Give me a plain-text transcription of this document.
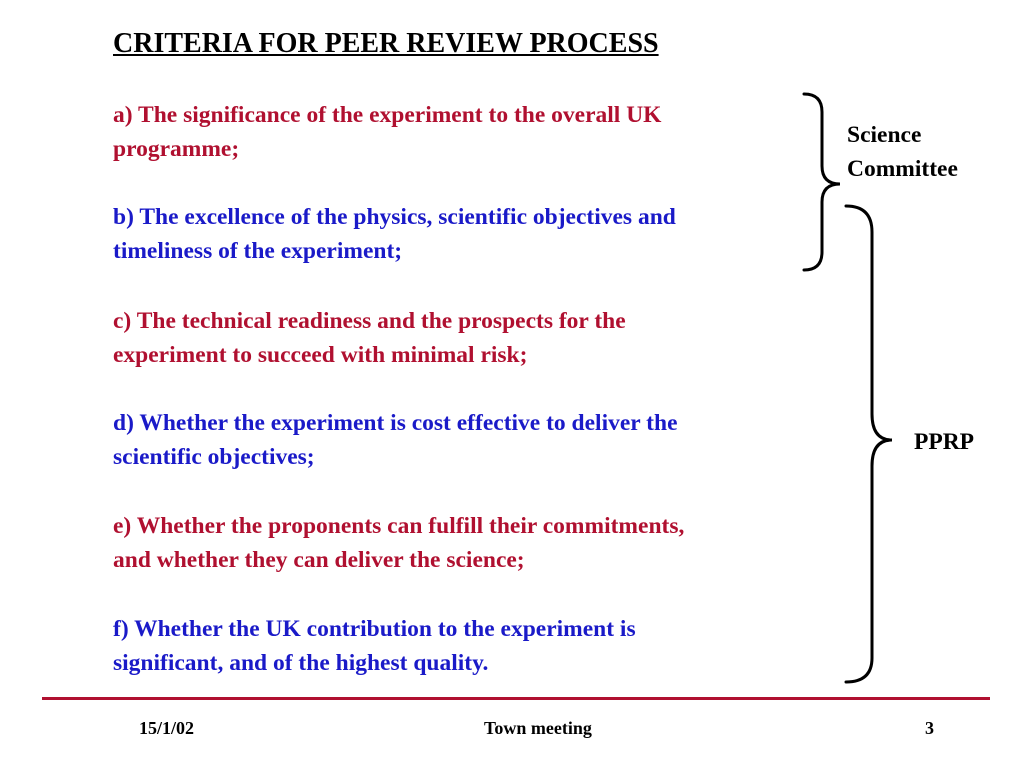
CRITERIA FOR PEER REVIEW PROCESS
a) The significance of the experiment to the overall UK
programme;
b) The excellence of the physics, scientific objectives and
timeliness of the experiment;
c) The technical readiness and the prospects for the
experiment to succeed with minimal risk;
d) Whether the experiment is cost effective to deliver the
scientific objectives;
e) Whether the proponents can fulfill their commitments,
and whether they can deliver the science;
f) Whether the UK contribution to the experiment is
significant, and of the highest quality.
Science
Committee
PPRP
15/1/02	Town meeting	3
